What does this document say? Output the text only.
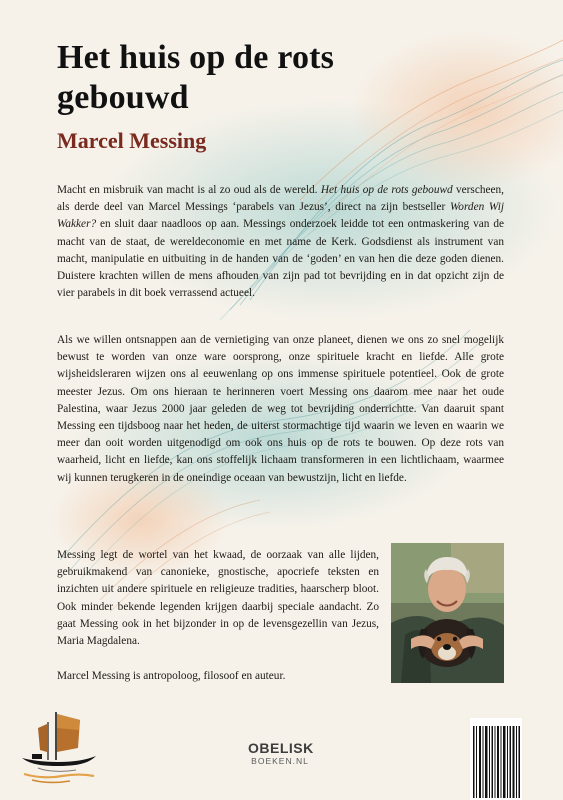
Het huis op de rots gebouwd
Marcel Messing

Macht en misbruik van macht is al zo oud als de wereld. Het huis op de rots gebouwd verscheen, als derde deel van Marcel Messings ‘parabels van Jezus’, direct na zijn bestseller Worden Wij Wakker? en sluit daar naadloos op aan. Messings onderzoek leidde tot een ontmaskering van de macht van de staat, de wereldeconomie en met name de Kerk. Godsdienst als instrument van macht, manipulatie en uitbuiting in de handen van de ‘goden’ en van hen die deze goden dienen. Duistere krachten willen de mens afhouden van zijn pad tot bevrijding en in dat opzicht zijn de vier parabels in dit boek verrassend actueel.

Als we willen ontsnappen aan de vernietiging van onze planeet, dienen we ons zo snel mogelijk bewust te worden van onze ware oorsprong, onze spirituele kracht en liefde. Alle grote wijsheidsleraren wijzen ons al eeuwenlang op ons immense spirituele potentieel. Ook de grote meester Jezus. Om ons hieraan te herinneren voert Messing ons daarom mee naar het oude Palestina, waar Jezus 2000 jaar geleden de weg tot bevrijding onderrichtte. Van daaruit spant Messing een tijdsboog naar het heden, de uiterst stormachtige tijd waarin we leven en waarin we meer dan ooit worden uitgenodigd om ook ons huis op de rots te bouwen. Op deze rots van waarheid, licht en liefde, kan ons stoffelijk lichaam transformeren in een lichtlichaam, waarmee wij kunnen terugkeren in de oneindige oceaan van bewustzijn, licht en liefde.

Messing legt de wortel van het kwaad, de oorzaak van alle lijden, gebruikmakend van canonieke, gnostische, apocriefe teksten en inzichten uit andere spirituele en religieuze tradities, haarscherp bloot. Ook minder bekende legenden krijgen daarbij speciale aandacht. Zo gaat Messing ook in het bijzonder in op de levensgezellin van Jezus, Maria Magdalena.

Marcel Messing is antropoloog, filosoof en auteur.

OBELISK
BOEKEN.NL
